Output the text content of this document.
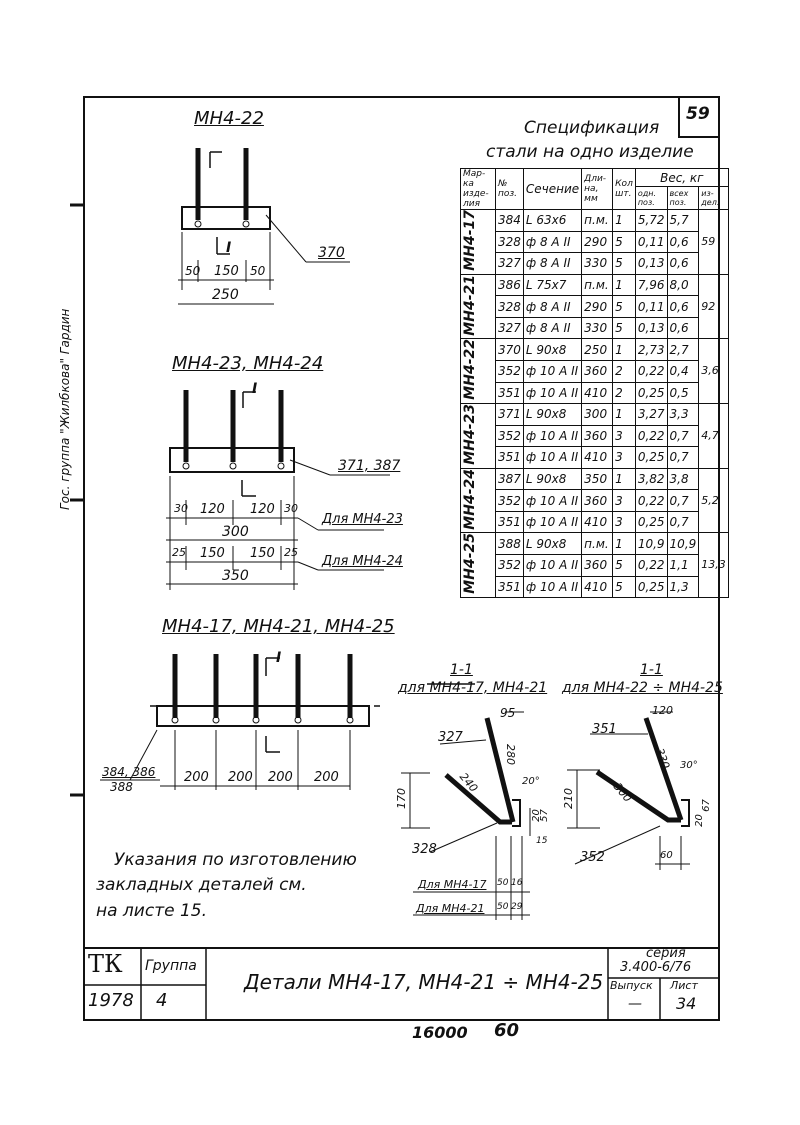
59
Спецификация
стали на одно изделие
Мар-ка изде-лия	№ поз.	Сечение	Дли-на, мм	Кол шт.	Вес, кг		
					одн. поз.	всех поз.	из-дел.
МН4-17	384	L 63х6	п.м.	1	5,72	5,7	59
	328	ф 8 А II	290	5	0,11	0,6	
	327	ф 8 А II	330	5	0,13	0,6	
МН4-21	386	L 75х7	п.м.	1	7,96	8,0	92
	328	ф 8 А II	290	5	0,11	0,6	
	327	ф 8 А II	330	5	0,13	0,6	
МН4-22	370	L 90х8	250	1	2,73	2,7	3,6
	352	ф 10 А II	360	2	0,22	0,4	
	351	ф 10 А II	410	2	0,25	0,5	
МН4-23	371	L 90х8	300	1	3,27	3,3	4,7
	352	ф 10 А II	360	3	0,22	0,7	
	351	ф 10 А II	410	3	0,25	0,7	
МН4-24	387	L 90х8	350	1	3,82	3,8	5,2
	352	ф 10 А II	360	3	0,22	0,7	
	351	ф 10 А II	410	3	0,25	0,7	
МН4-25	388	L 90х8	п.м.	1	10,9	10,9	13,3
	352	ф 10 А II	360	5	0,22	1,1	
	351	ф 10 А II	410	5	0,25	1,3	
МН4-22
I	370
50 150 50
250
МН4-23, МН4-24
I
371, 387
30 120 120 30
300
Для МН4-23
25 150 150 25
350
Для МН4-24
МН4-17, МН4-21, МН4-25
I
384, 386
388
200 200 200 200
1-1
для МН4-17, МН4-21
95
327
280
240	20°
170
20
57
15
328
Для МН4-17 50 16
Для МН4-21 50 29
1-1
для МН4-22 ÷ МН4-25
120
351
330 30°
300
210
20
67
60
352
Указания по изготовлению
закладных деталей см.
на листе 15.
Гос. группа "Жилбкова" Гардин
ТК Группа
1978 4
Детали МН4-17, МН4-21 ÷ МН4-25
серия
3.400-6/76
Выпуск Лист
— 34
16000 60
